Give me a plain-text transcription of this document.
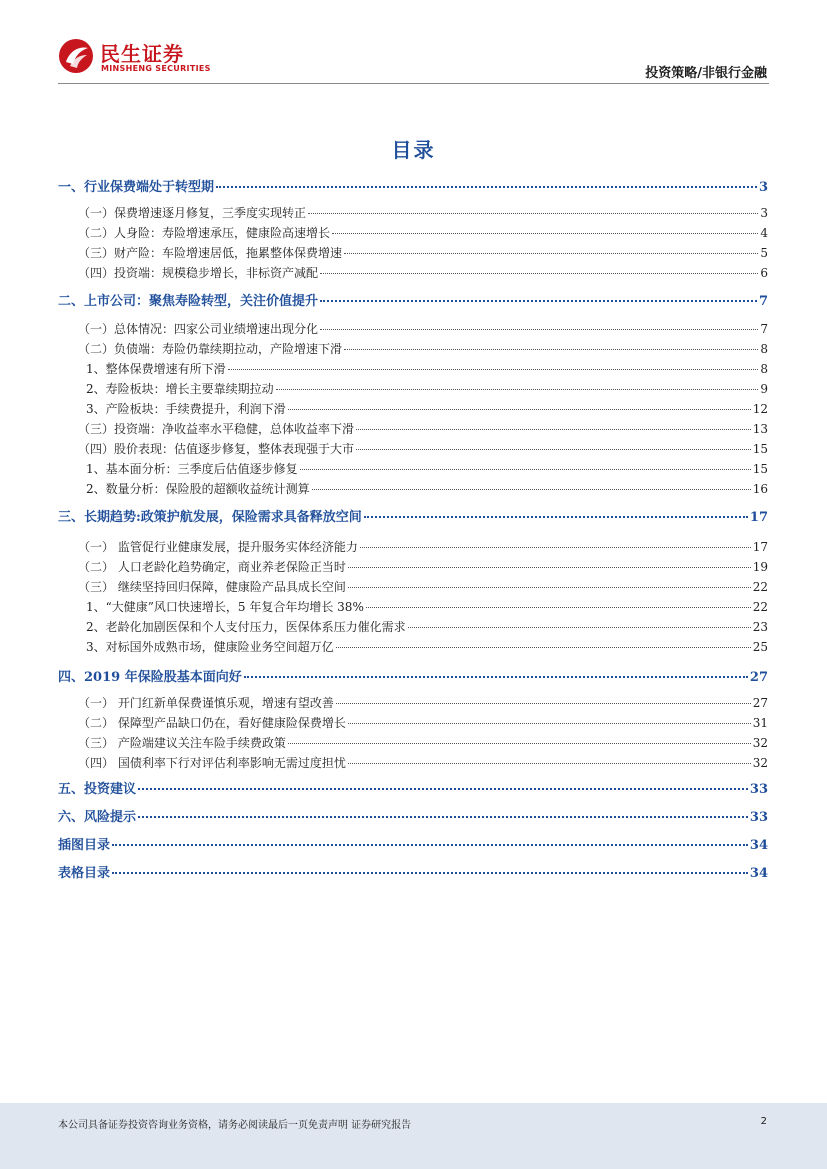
民生证券
MINSHENG SECURITIES	投资策略/非银行金融
目录
一、行业保费端处于转型期	3
（一）保费增速逐月修复，三季度实现转正	3
（二）人身险：寿险增速承压，健康险高速增长	4
（三）财产险：车险增速居低，拖累整体保费增速	5
（四）投资端：规模稳步增长，非标资产减配	6
二、上市公司：聚焦寿险转型，关注价值提升	7
（一）总体情况：四家公司业绩增速出现分化	7
（二）负债端：寿险仍靠续期拉动，产险增速下滑	8
1、整体保费增速有所下滑	8
2、寿险板块：增长主要靠续期拉动	9
3、产险板块：手续费提升，利润下滑	12
（三）投资端：净收益率水平稳健，总体收益率下滑	13
（四）股价表现：估值逐步修复，整体表现强于大市	15
1、基本面分析：三季度后估值逐步修复	15
2、数量分析：保险股的超额收益统计测算	16
三、长期趋势:政策护航发展，保险需求具备释放空间	17
（一） 监管促行业健康发展，提升服务实体经济能力	17
（二） 人口老龄化趋势确定，商业养老保险正当时	19
（三） 继续坚持回归保障，健康险产品具成长空间	22
1、“大健康”风口快速增长，5 年复合年均增长 38%	22
2、老龄化加剧医保和个人支付压力，医保体系压力催化需求	23
3、对标国外成熟市场，健康险业务空间超万亿	25
四、2019 年保险股基本面向好	27
（一） 开门红新单保费谨慎乐观，增速有望改善	27
（二） 保障型产品缺口仍在，看好健康险保费增长	31
（三） 产险端建议关注车险手续费政策	32
（四） 国债利率下行对评估利率影响无需过度担忧	32
五、投资建议	33
六、风险提示	33
插图目录	34
表格目录	34
本公司具备证券投资咨询业务资格，请务必阅读最后一页免责声明 证券研究报告	2
